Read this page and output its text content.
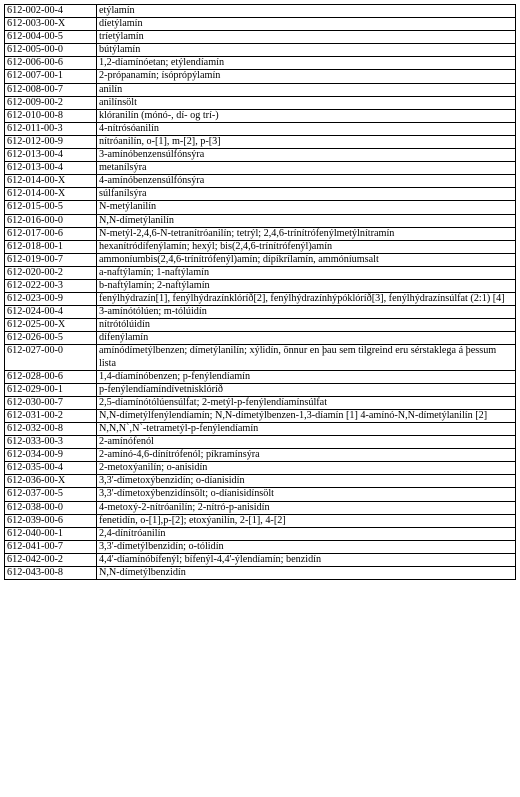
612-002-00-4	etýlamín
612-003-00-X	díetýlamín
612-004-00-5	tríetýlamín
612-005-00-0	bútýlamín
612-006-00-6	1,2-díamínóetan; etýlendíamín
612-007-00-1	2-própanamín; ísóprópýlamín
612-008-00-7	anilín
612-009-00-2	anilínsölt
612-010-00-8	klóranilín (mónó-, dí- og trí-)
612-011-00-3	4-nítrósóanilín
612-012-00-9	nítróanilín, o-[1], m-[2], p-[3]
612-013-00-4	3-amínóbenzensúlfónsýra
612-013-00-4	metanílsýra
612-014-00-X	4-amínóbenzensúlfónsýra
612-014-00-X	súlfanílsýra
612-015-00-5	N-metýlanilín
612-016-00-0	N,N-dímetýlanilín
612-017-00-6	N-metýl-2,4,6-N-tetranítróanilín; tetrýl; 2,4,6-trínítrófenýlmetýlnítramín
612-018-00-1	hexanítródífenýlamín; hexýl; bis(2,4,6-trínítrófenýl)amín
612-019-00-7	ammoníumbis(2,4,6-trínítrófenýl)amín; dípíkrílamín, ammóníumsalt
612-020-00-2	a-naftýlamín; 1-naftýlamín
612-022-00-3	b-naftýlamín; 2-naftýlamín
612-023-00-9	fenýlhýdrazín[1], fenýlhýdrazínklóríð[2], fenýlhýdrazínhýpóklóríð[3], fenýlhýdrazínsúlfat (2:1) [4]
612-024-00-4	3-amínótólúen; m-tólúidín
612-025-00-X	nítrótólúidín
612-026-00-5	dífenýlamín
612-027-00-0	amínódímetýlbenzen; dímetýlanilín; xýlidín, önnur en þau sem tilgreind eru sérstaklega á þessum lista
612-028-00-6	1,4-díamínóbenzen; p-fenýlendíamín
612-029-00-1	p-fenýlendíamíndívetnisklóríð
612-030-00-7	2,5-díamínótólúensúlfat; 2-metýl-p-fenýlendíamínsúlfat
612-031-00-2	N,N-dímetýlfenýlendíamín; N,N-dímetýlbenzen-1,3-díamín [1] 4-amínó-N,N-dímetýlanilín [2]
612-032-00-8	N,N,N`,N`-tetrametýl-p-fenýlendíamín
612-033-00-3	2-amínófenól
612-034-00-9	2-amínó-4,6-dínítrófenól; píkramínsýra
612-035-00-4	2-metoxýanilín; o-anisidín
612-036-00-X	3,3'-dímetoxýbenzidín; o-díanisidín
612-037-00-5	3,3'-dímetoxýbenzidínsölt; o-díanisidínsölt
612-038-00-0	4-metoxý-2-nítróanilín; 2-nítró-p-anisidín
612-039-00-6	fenetidín, o-[1],p-[2]; etoxýanilín, 2-[1], 4-[2]
612-040-00-1	2,4-dínítróanilín
612-041-00-7	3,3'-dímetýlbenzidín; o-tólidín
612-042-00-2	4,4'-díamínóbífenýl; bífenýl-4,4'-ýlendíamín; benzidín
612-043-00-8	N,N-dímetýlbenzidín
